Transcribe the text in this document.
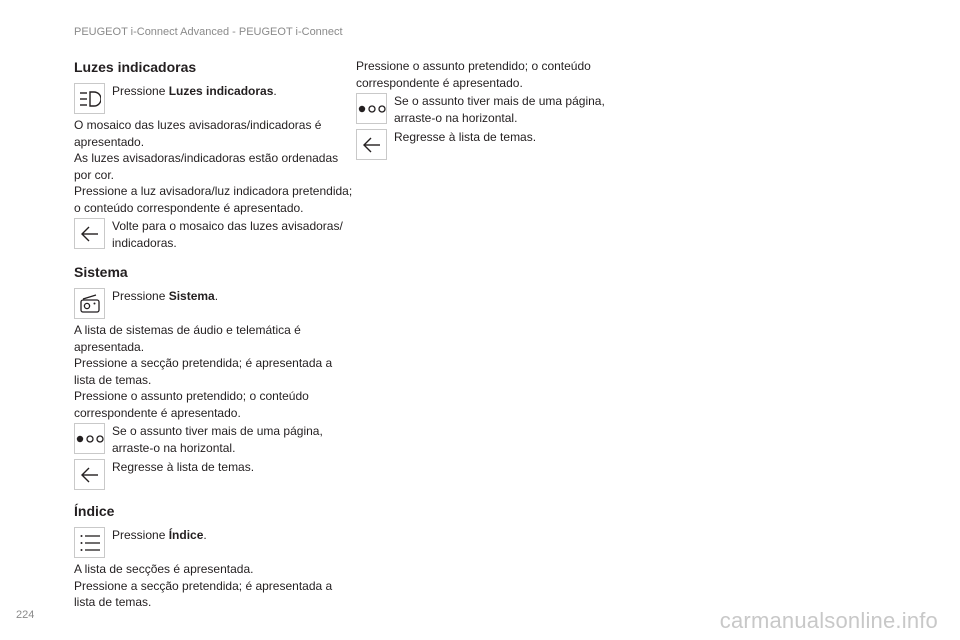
PEUGEOT i-Connect Advanced - PEUGEOT i-Connect
Luzes indicadoras
Pressione Luzes indicadoras.

O mosaico das luzes avisadoras/indicadoras é apresentado.

As luzes avisadoras/indicadoras estão ordenadas por cor.

Pressione a luz avisadora/luz indicadora pretendida; o conteúdo correspondente é apresentado.

Volte para o mosaico das luzes avisadoras/ indicadoras.
Sistema
Pressione Sistema.

A lista de sistemas de áudio e telemática é apresentada.

Pressione a secção pretendida; é apresentada a lista de temas.

Pressione o assunto pretendido; o conteúdo correspondente é apresentado.

Se o assunto tiver mais de uma página, arraste-o na horizontal.
Regresse à lista de temas.
Índice
Pressione Índice.

A lista de secções é apresentada.

Pressione a secção pretendida; é apresentada a lista de temas.

Pressione o assunto pretendido; o conteúdo correspondente é apresentado.

Se o assunto tiver mais de uma página, arraste-o na horizontal.
Regresse à lista de temas.
224	carmanualsonline.info
